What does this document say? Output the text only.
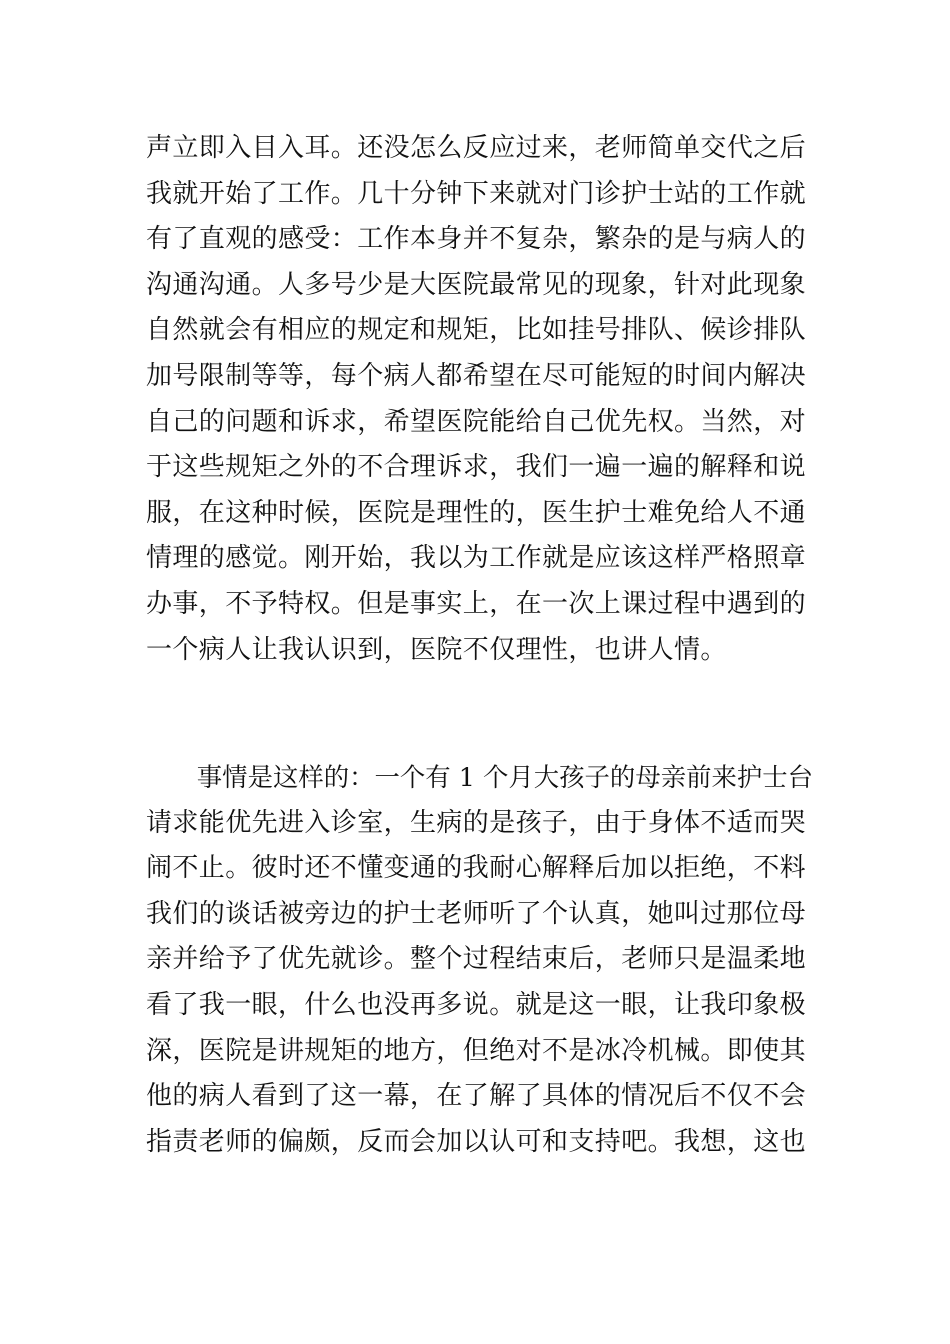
声立即入目入耳。还没怎么反应过来，老师简单交代之后
我就开始了工作。几十分钟下来就对门诊护士站的工作就
有了直观的感受：工作本身并不复杂，繁杂的是与病人的
沟通沟通。人多号少是大医院最常见的现象，针对此现象
自然就会有相应的规定和规矩，比如挂号排队、候诊排队
加号限制等等，每个病人都希望在尽可能短的时间内解决
自己的问题和诉求，希望医院能给自己优先权。当然，对
于这些规矩之外的不合理诉求，我们一遍一遍的解释和说
服，在这种时候，医院是理性的，医生护士难免给人不通
情理的感觉。刚开始，我以为工作就是应该这样严格照章
办事，不予特权。但是事实上，在一次上课过程中遇到的
一个病人让我认识到，医院不仅理性，也讲人情。
　　事情是这样的：一个有 1 个月大孩子的母亲前来护士台
请求能优先进入诊室，生病的是孩子，由于身体不适而哭
闹不止。彼时还不懂变通的我耐心解释后加以拒绝，不料
我们的谈话被旁边的护士老师听了个认真，她叫过那位母
亲并给予了优先就诊。整个过程结束后，老师只是温柔地
看了我一眼，什么也没再多说。就是这一眼，让我印象极
深，医院是讲规矩的地方，但绝对不是冰冷机械。即使其
他的病人看到了这一幕，在了解了具体的情况后不仅不会
指责老师的偏颇，反而会加以认可和支持吧。我想，这也
